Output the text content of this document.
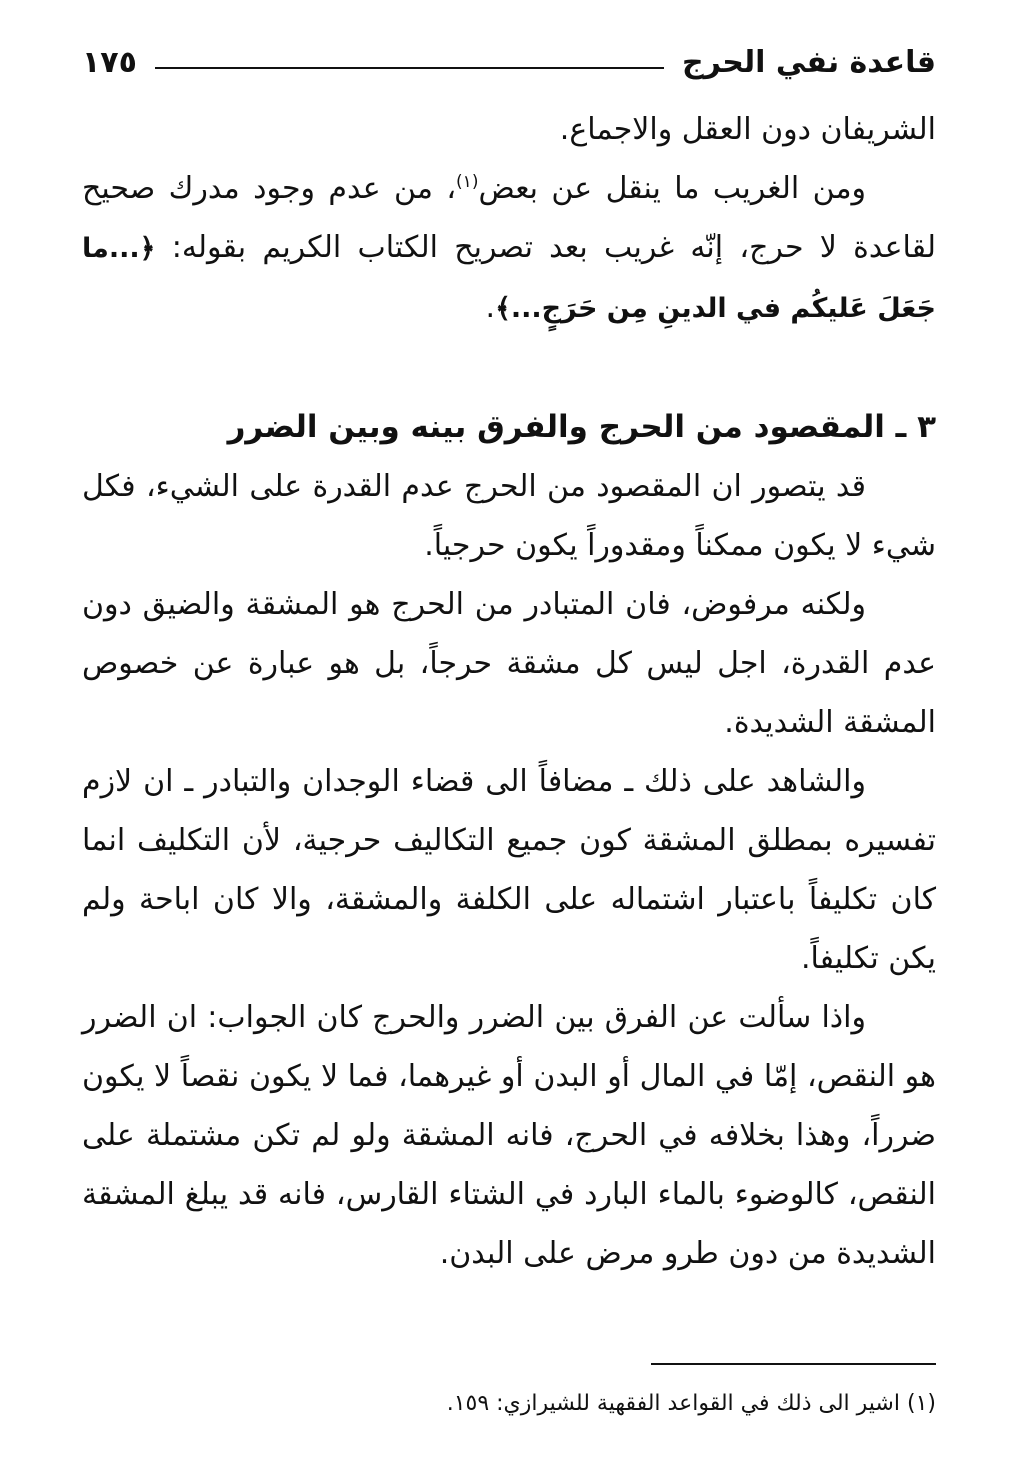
قاعدة نفي الحرج
١٧٥

الشريفان دون العقل والاجماع.

ومن الغريب ما ينقل عن بعض$^{(١)}$، من عدم وجود مدرك صحيح لقاعدة لا حرج، إنّه غريب بعد تصريح الكتاب الكريم بقوله: ﴿...ما جَعَلَ عَليكُم في الدينِ مِن حَرَجٍ...﴾.

٣ ـ المقصود من الحرج والفرق بينه وبين الضرر

قد يتصور ان المقصود من الحرج عدم القدرة على الشيء، فكل شيء لا يكون ممكناً ومقدوراً يكون حرجياً.

ولكنه مرفوض، فان المتبادر من الحرج هو المشقة والضيق دون عدم القدرة، اجل ليس كل مشقة حرجاً، بل هو عبارة عن خصوص المشقة الشديدة.

والشاهد على ذلك ـ مضافاً الى قضاء الوجدان والتبادر ـ ان لازم تفسيره بمطلق المشقة كون جميع التكاليف حرجية، لأن التكليف انما كان تكليفاً باعتبار اشتماله على الكلفة والمشقة، والا كان اباحة ولم يكن تكليفاً.

واذا سألت عن الفرق بين الضرر والحرج كان الجواب: ان الضرر هو النقص، إمّا في المال أو البدن أو غيرهما، فما لا يكون نقصاً لا يكون ضرراً، وهذا بخلافه في الحرج، فانه المشقة ولو لم تكن مشتملة على النقص، كالوضوء بالماء البارد في الشتاء القارس، فانه قد يبلغ المشقة الشديدة من دون طرو مرض على البدن.

(١) اشير الى ذلك في القواعد الفقهية للشيرازي: ١٥٩.
